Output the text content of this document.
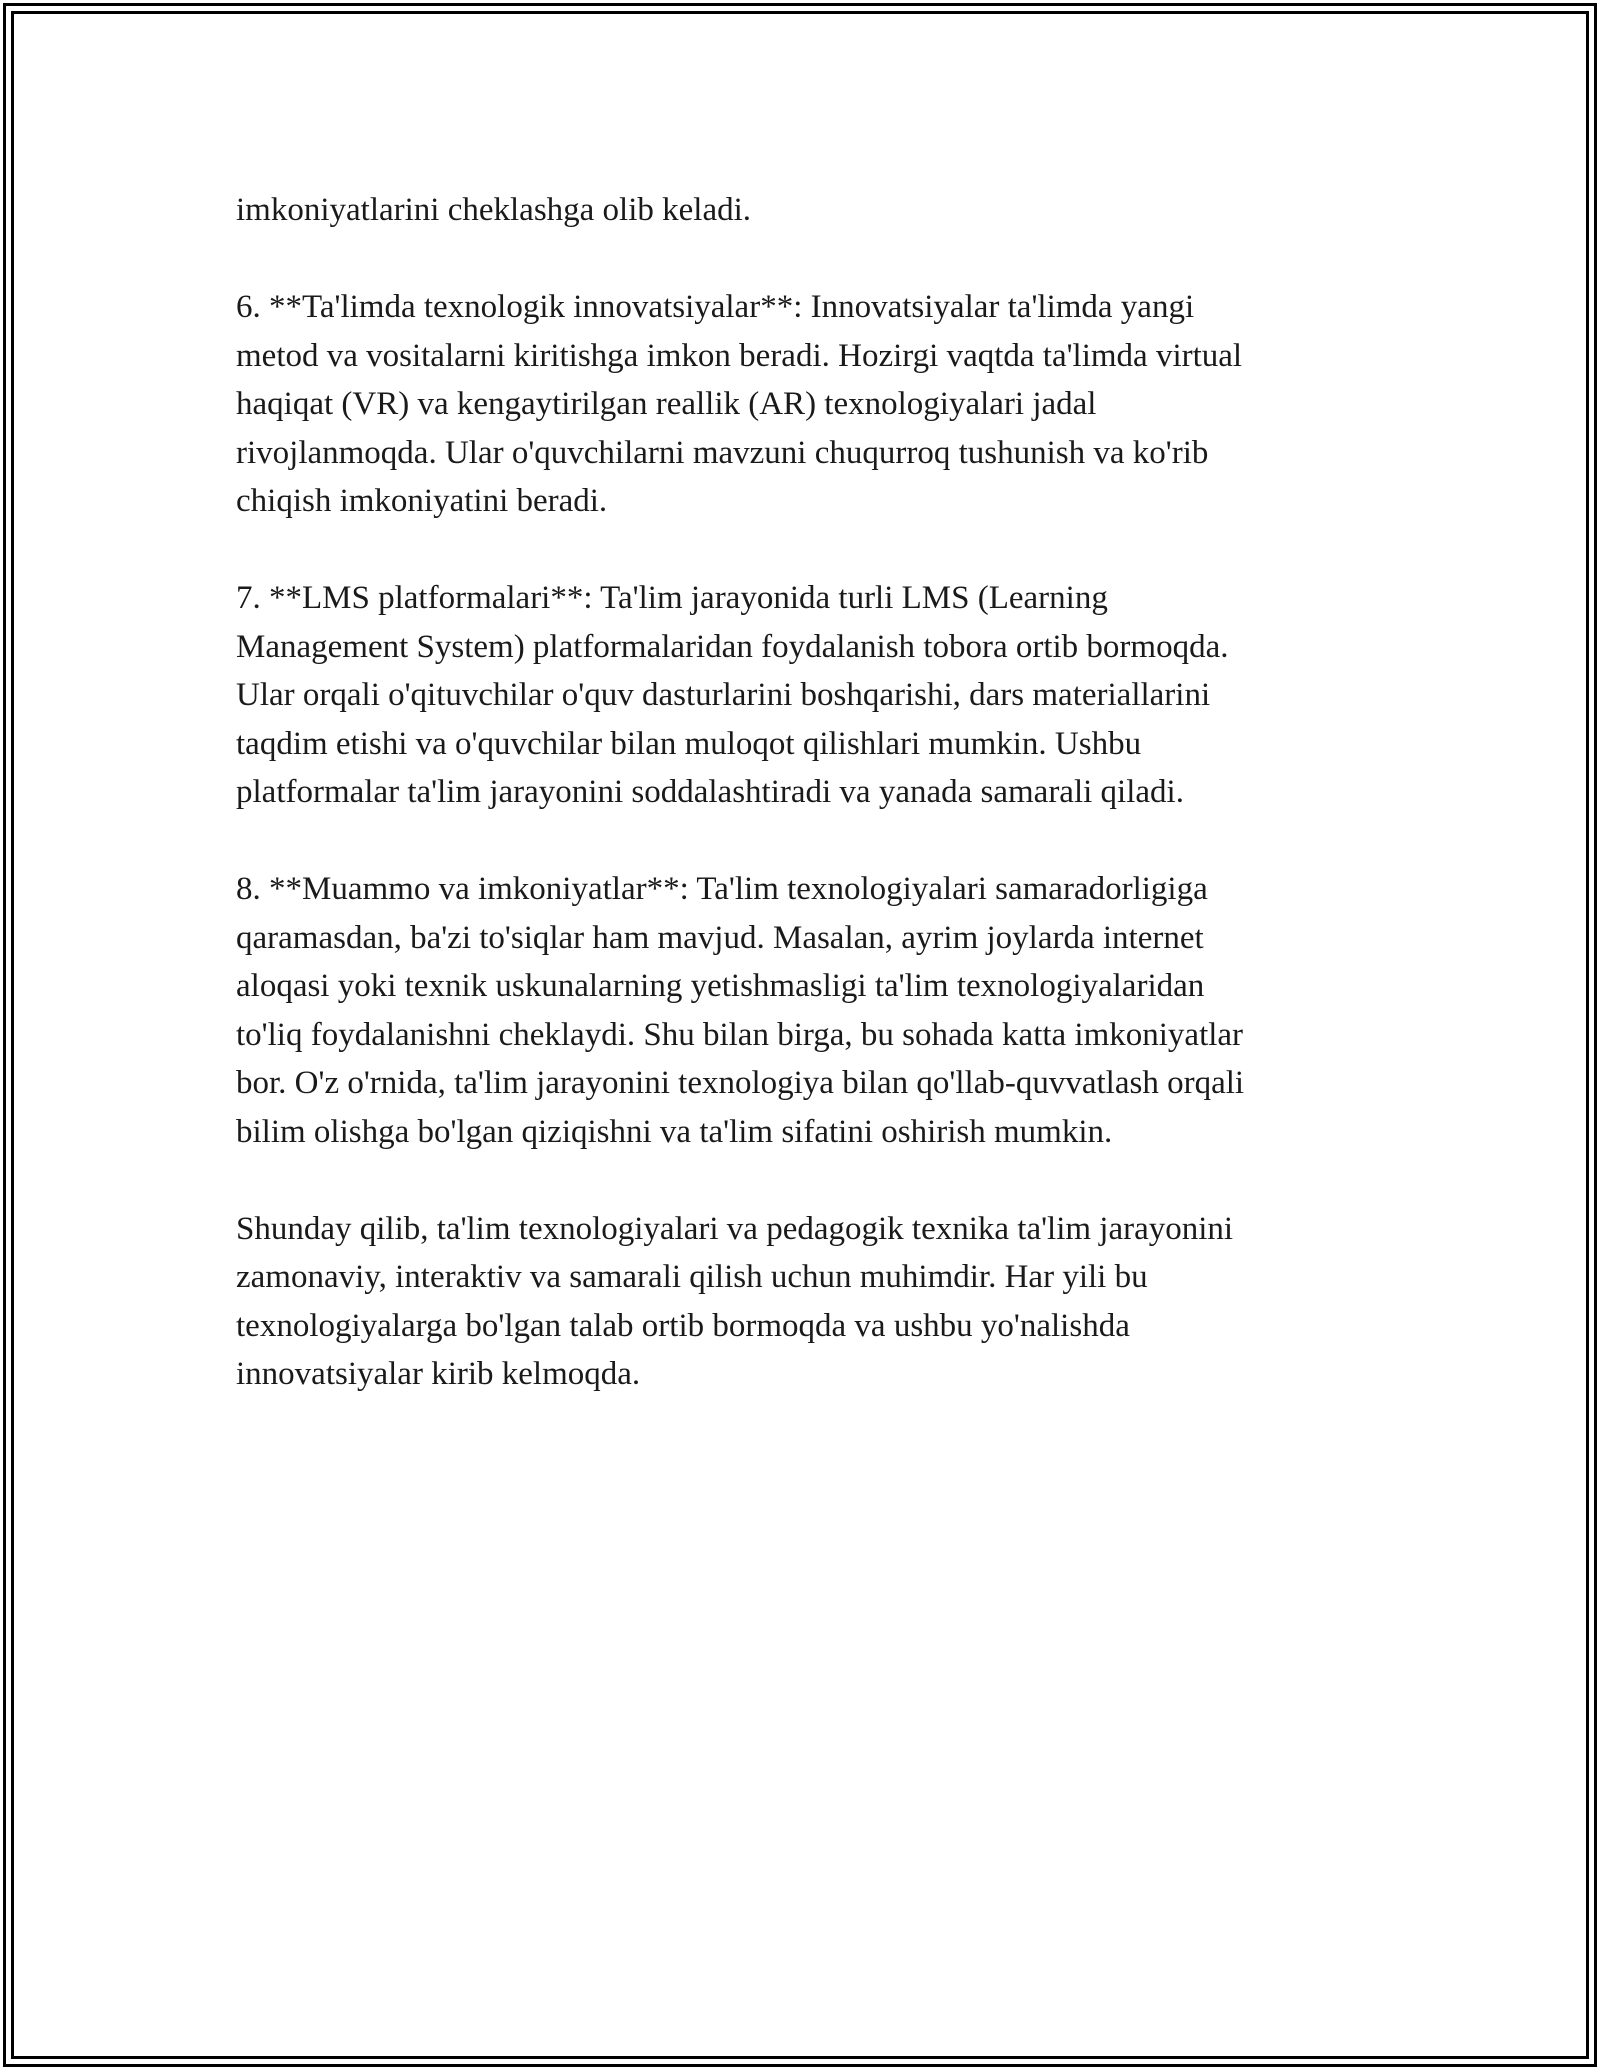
imkoniyatlarini cheklashga olib keladi.

6. **Ta'limda texnologik innovatsiyalar**: Innovatsiyalar ta'limda yangi
metod va vositalarni kiritishga imkon beradi. Hozirgi vaqtda ta'limda virtual
haqiqat (VR) va kengaytirilgan reallik (AR) texnologiyalari jadal
rivojlanmoqda. Ular o'quvchilarni mavzuni chuqurroq tushunish va ko'rib
chiqish imkoniyatini beradi.

7. **LMS platformalari**: Ta'lim jarayonida turli LMS (Learning
Management System) platformalaridan foydalanish tobora ortib bormoqda.
Ular orqali o'qituvchilar o'quv dasturlarini boshqarishi, dars materiallarini
taqdim etishi va o'quvchilar bilan muloqot qilishlari mumkin. Ushbu
platformalar ta'lim jarayonini soddalashtiradi va yanada samarali qiladi.

8. **Muammo va imkoniyatlar**: Ta'lim texnologiyalari samaradorligiga
qaramasdan, ba'zi to'siqlar ham mavjud. Masalan, ayrim joylarda internet
aloqasi yoki texnik uskunalarning yetishmasligi ta'lim texnologiyalaridan
to'liq foydalanishni cheklaydi. Shu bilan birga, bu sohada katta imkoniyatlar
bor. O'z o'rnida, ta'lim jarayonini texnologiya bilan qo'llab-quvvatlash orqali
bilim olishga bo'lgan qiziqishni va ta'lim sifatini oshirish mumkin.

Shunday qilib, ta'lim texnologiyalari va pedagogik texnika ta'lim jarayonini
zamonaviy, interaktiv va samarali qilish uchun muhimdir. Har yili bu
texnologiyalarga bo'lgan talab ortib bormoqda va ushbu yo'nalishda
innovatsiyalar kirib kelmoqda.
